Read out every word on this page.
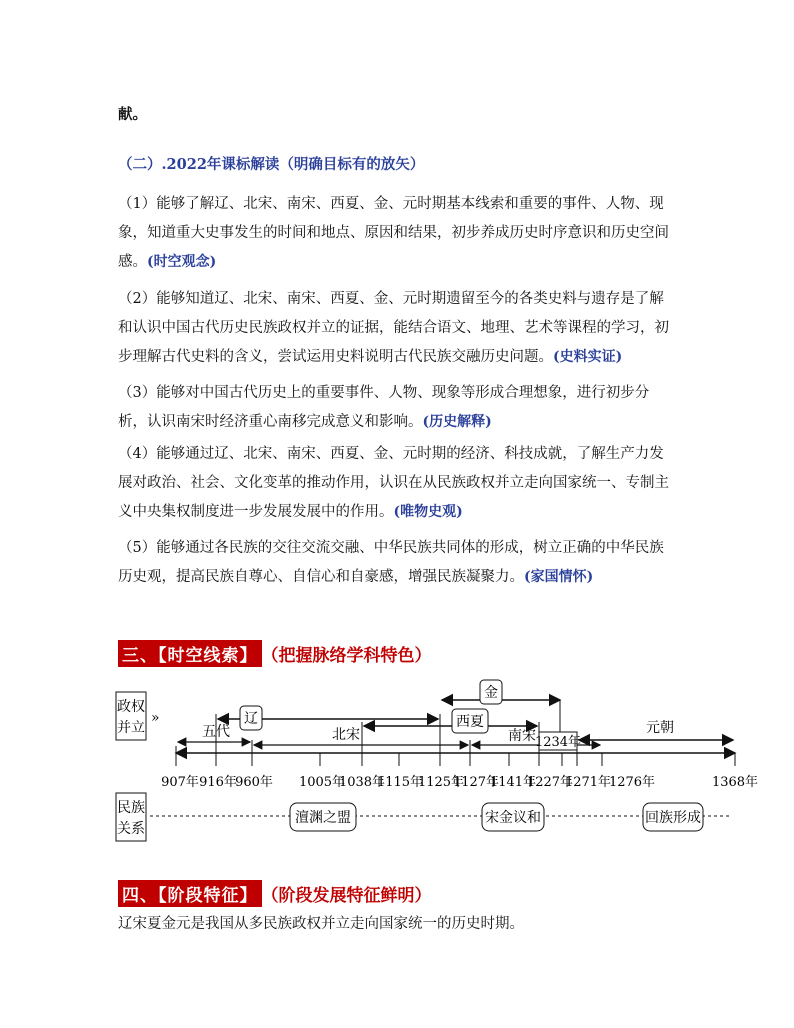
献。
（二）.2022年课标解读（明确目标有的放矢）
（1）能够了解辽、北宋、南宋、西夏、金、元时期基本线索和重要的事件、人物、现象，知道重大史事发生的时间和地点、原因和结果，初步养成历史时序意识和历史空间感。(时空观念)
（2）能够知道辽、北宋、南宋、西夏、金、元时期遗留至今的各类史料与遗存是了解和认识中国古代历史民族政权并立的证据，能结合语文、地理、艺术等课程的学习，初步理解古代史料的含义，尝试运用史料说明古代民族交融历史问题。(史料实证)
（3）能够对中国古代历史上的重要事件、人物、现象等形成合理想象，进行初步分析，认识南宋时经济重心南移完成意义和影响。(历史解释)
（4）能够通过辽、北宋、南宋、西夏、金、元时期的经济、科技成就，了解生产力发展对政治、社会、文化变革的推动作用，认识在从民族政权并立走向国家统一、专制主义中央集权制度进一步发展发展中的作用。(唯物史观)
（5）能够通过各民族的交往交流交融、中华民族共同体的形成，树立正确的中华民族历史观，提高民族自尊心、自信心和自豪感，增强民族凝聚力。(家国情怀)
三、【时空线索】 （把握脉络学科特色）
政权
并立
»
五代
辽
北宋
西夏
金
南宋
1234年
元朝
907年 916年
960年 1005年
1038年
1115年
1125年
1127年
1141年
1227年
1271年
1276年	1368年
民族
关系
澶渊之盟	宋金议和	回族形成
四、【阶段特征】 （阶段发展特征鲜明）
辽宋夏金元是我国从多民族政权并立走向国家统一的历史时期。
